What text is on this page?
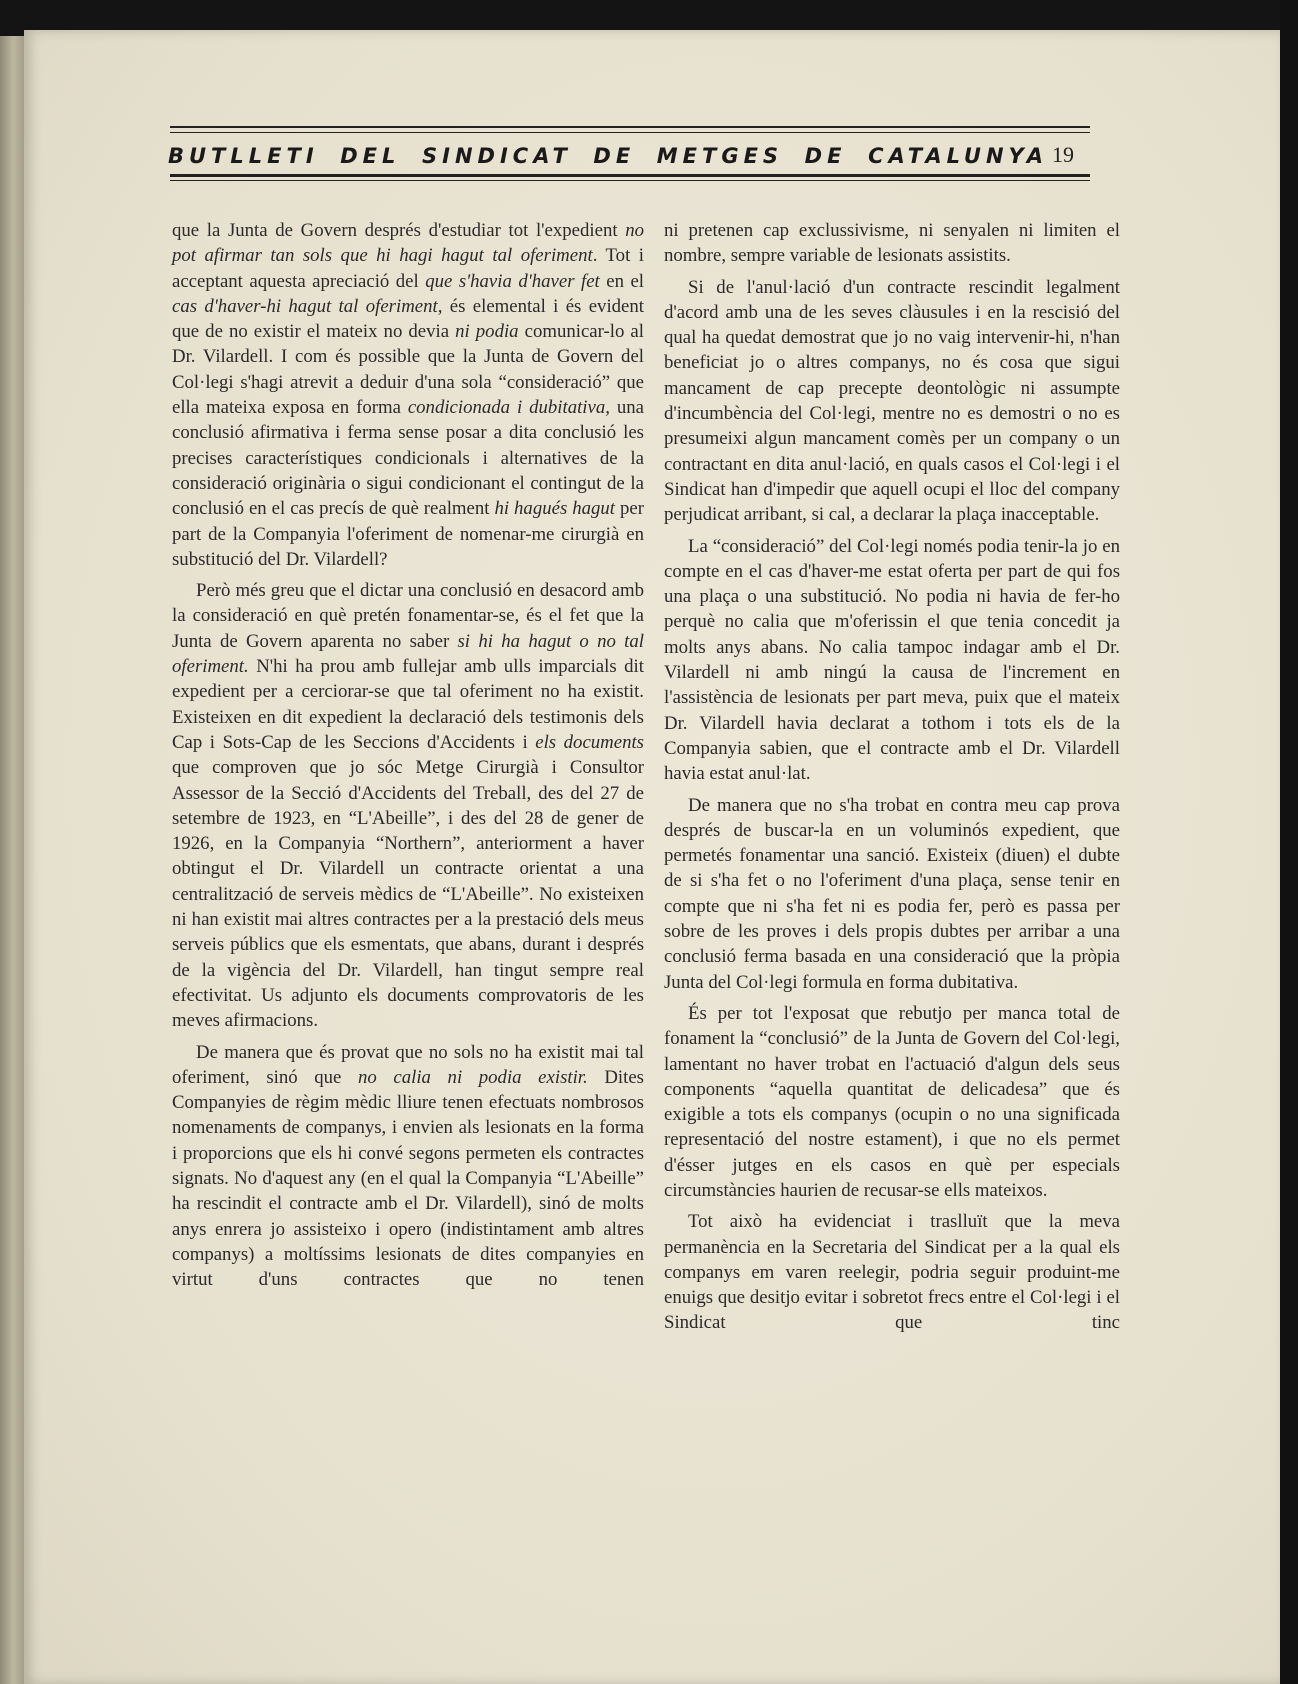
BUTLLETI DEL SINDICAT DE METGES DE CATALUNYA 19

que la Junta de Govern després d'estudiar tot l'expedient no pot afirmar tan sols que hi hagi hagut tal oferiment. Tot i acceptant aquesta apreciació del que s'havia d'haver fet en el cas d'haver-hi hagut tal oferiment, és elemental i és evident que de no existir el mateix no devia ni podia comunicar-lo al Dr. Vilardell. I com és possible que la Junta de Govern del Col·legi s'hagi atrevit a deduir d'una sola “consideració” que ella mateixa exposa en forma condicionada i dubitativa, una conclusió afirmativa i ferma sense posar a dita conclusió les precises característiques condicionals i alternatives de la consideració originària o sigui condicionant el contingut de la conclusió en el cas precís de què realment hi hagués hagut per part de la Companyia l'oferiment de nomenar-me cirurgià en substitució del Dr. Vilardell?

Però més greu que el dictar una conclusió en desacord amb la consideració en què pretén fonamentar-se, és el fet que la Junta de Govern aparenta no saber si hi ha hagut o no tal oferiment. N'hi ha prou amb fullejar amb ulls imparcials dit expedient per a cerciorar-se que tal oferiment no ha existit. Existeixen en dit expedient la declaració dels testimonis dels Cap i Sots-Cap de les Seccions d'Accidents i els documents que comproven que jo sóc Metge Cirurgià i Consultor Assessor de la Secció d'Accidents del Treball, des del 27 de setembre de 1923, en “L'Abeille”, i des del 28 de gener de 1926, en la Companyia “Northern”, anteriorment a haver obtingut el Dr. Vilardell un contracte orientat a una centralització de serveis mèdics de “L'Abeille”. No existeixen ni han existit mai altres contractes per a la prestació dels meus serveis públics que els esmentats, que abans, durant i després de la vigència del Dr. Vilardell, han tingut sempre real efectivitat. Us adjunto els documents comprovatoris de les meves afirmacions.

De manera que és provat que no sols no ha existit mai tal oferiment, sinó que no calia ni podia existir. Dites Companyies de règim mèdic lliure tenen efectuats nombrosos nomenaments de companys, i envien als lesionats en la forma i proporcions que els hi convé segons permeten els contractes signats. No d'aquest any (en el qual la Companyia “L'Abeille” ha rescindit el contracte amb el Dr. Vilardell), sinó de molts anys enrera jo assisteixo i opero (indistintament amb altres companys) a moltíssims lesionats de dites companyies en virtut d'uns contractes que no tenen

ni pretenen cap exclussivisme, ni senyalen ni limiten el nombre, sempre variable de lesionats assistits.

Si de l'anul·lació d'un contracte rescindit legalment d'acord amb una de les seves clàusules i en la rescisió del qual ha quedat demostrat que jo no vaig intervenir-hi, n'han beneficiat jo o altres companys, no és cosa que sigui mancament de cap precepte deontològic ni assumpte d'incumbència del Col·legi, mentre no es demostri o no es presumeixi algun mancament comès per un company o un contractant en dita anul·lació, en quals casos el Col·legi i el Sindicat han d'impedir que aquell ocupi el lloc del company perjudicat arribant, si cal, a declarar la plaça inacceptable.

La “consideració” del Col·legi només podia tenir-la jo en compte en el cas d'haver-me estat oferta per part de qui fos una plaça o una substitució. No podia ni havia de fer-ho perquè no calia que m'oferissin el que tenia concedit ja molts anys abans. No calia tampoc indagar amb el Dr. Vilardell ni amb ningú la causa de l'increment en l'assistència de lesionats per part meva, puix que el mateix Dr. Vilardell havia declarat a tothom i tots els de la Companyia sabien, que el contracte amb el Dr. Vilardell havia estat anul·lat.

De manera que no s'ha trobat en contra meu cap prova després de buscar-la en un voluminós expedient, que permetés fonamentar una sanció. Existeix (diuen) el dubte de si s'ha fet o no l'oferiment d'una plaça, sense tenir en compte que ni s'ha fet ni es podia fer, però es passa per sobre de les proves i dels propis dubtes per arribar a una conclusió ferma basada en una consideració que la pròpia Junta del Col·legi formula en forma dubitativa.

És per tot l'exposat que rebutjo per manca total de fonament la “conclusió” de la Junta de Govern del Col·legi, lamentant no haver trobat en l'actuació d'algun dels seus components “aquella quantitat de delicadesa” que és exigible a tots els companys (ocupin o no una significada representació del nostre estament), i que no els permet d'ésser jutges en els casos en què per especials circumstàncies haurien de recusar-se ells mateixos.

Tot això ha evidenciat i traslluït que la meva permanència en la Secretaria del Sindicat per a la qual els companys em varen reelegir, podria seguir produint-me enuigs que desitjo evitar i sobretot frecs entre el Col·legi i el Sindicat que tinc
